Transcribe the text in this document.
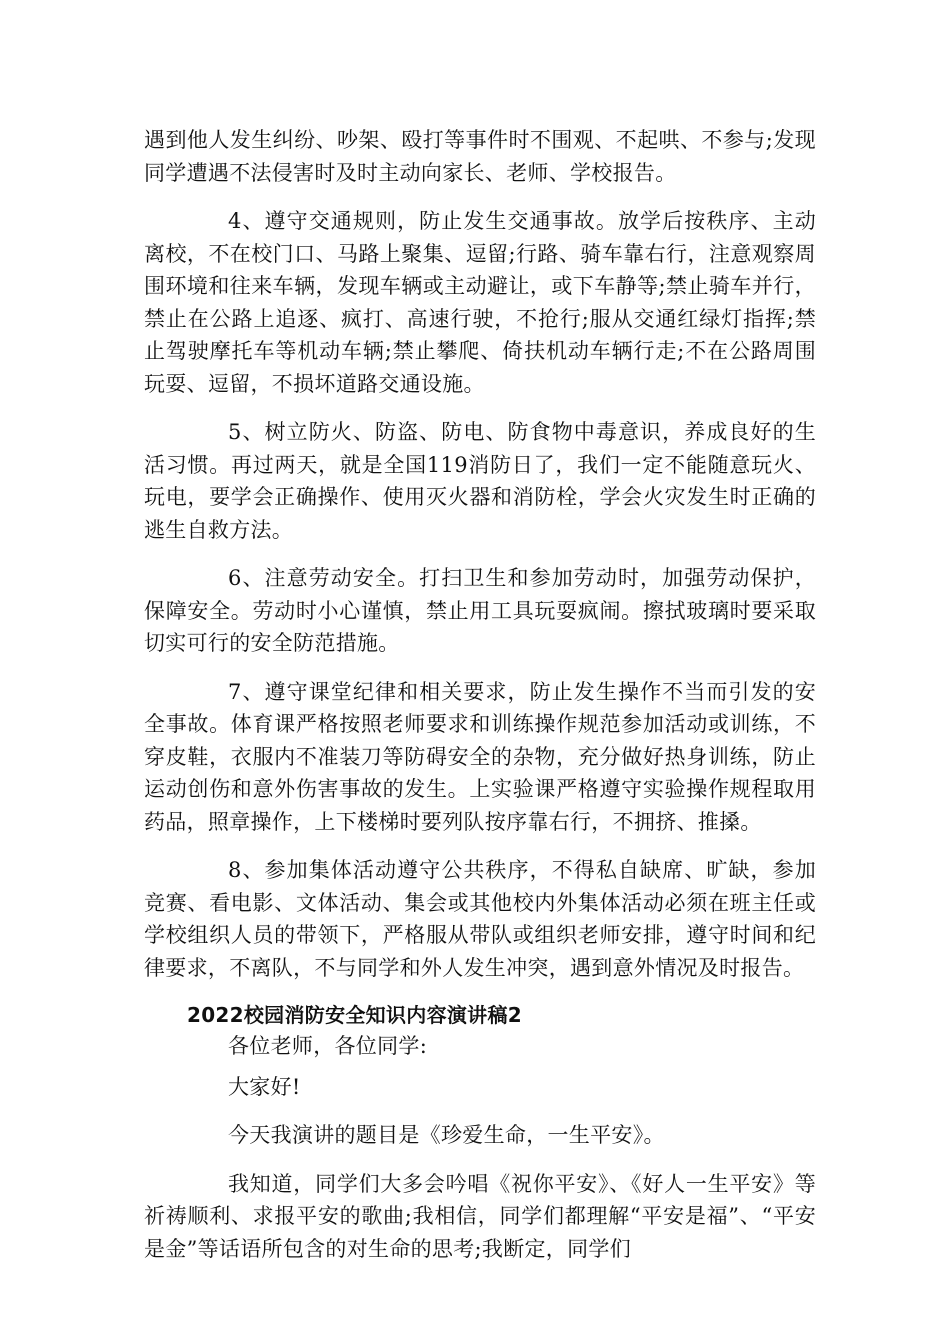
遇到他人发生纠纷、吵架、殴打等事件时不围观、不起哄、不参与;发现同学遭遇不法侵害时及时主动向家长、老师、学校报告。

4、遵守交通规则，防止发生交通事故。放学后按秩序、主动离校，不在校门口、马路上聚集、逗留;行路、骑车靠右行，注意观察周围环境和往来车辆，发现车辆或主动避让，或下车静等;禁止骑车并行，禁止在公路上追逐、疯打、高速行驶，不抢行;服从交通红绿灯指挥;禁止驾驶摩托车等机动车辆;禁止攀爬、倚扶机动车辆行走;不在公路周围玩耍、逗留，不损坏道路交通设施。

5、树立防火、防盗、防电、防食物中毒意识，养成良好的生活习惯。再过两天，就是全国119消防日了，我们一定不能随意玩火、玩电，要学会正确操作、使用灭火器和消防栓，学会火灾发生时正确的逃生自救方法。

6、注意劳动安全。打扫卫生和参加劳动时，加强劳动保护，保障安全。劳动时小心谨慎，禁止用工具玩耍疯闹。擦拭玻璃时要采取切实可行的安全防范措施。

7、遵守课堂纪律和相关要求，防止发生操作不当而引发的安全事故。体育课严格按照老师要求和训练操作规范参加活动或训练，不穿皮鞋，衣服内不准装刀等防碍安全的杂物，充分做好热身训练，防止运动创伤和意外伤害事故的发生。上实验课严格遵守实验操作规程取用药品，照章操作，上下楼梯时要列队按序靠右行，不拥挤、推搡。

8、参加集体活动遵守公共秩序，不得私自缺席、旷缺，参加竞赛、看电影、文体活动、集会或其他校内外集体活动必须在班主任或学校组织人员的带领下，严格服从带队或组织老师安排，遵守时间和纪律要求，不离队，不与同学和外人发生冲突，遇到意外情况及时报告。

2022校园消防安全知识内容演讲稿2

各位老师，各位同学:

大家好!

今天我演讲的题目是《珍爱生命，一生平安》。

我知道，同学们大多会吟唱《祝你平安》、《好人一生平安》等祈祷顺利、求报平安的歌曲;我相信，同学们都理解“平安是福”、“平安是金”等话语所包含的对生命的思考;我断定，同学们
